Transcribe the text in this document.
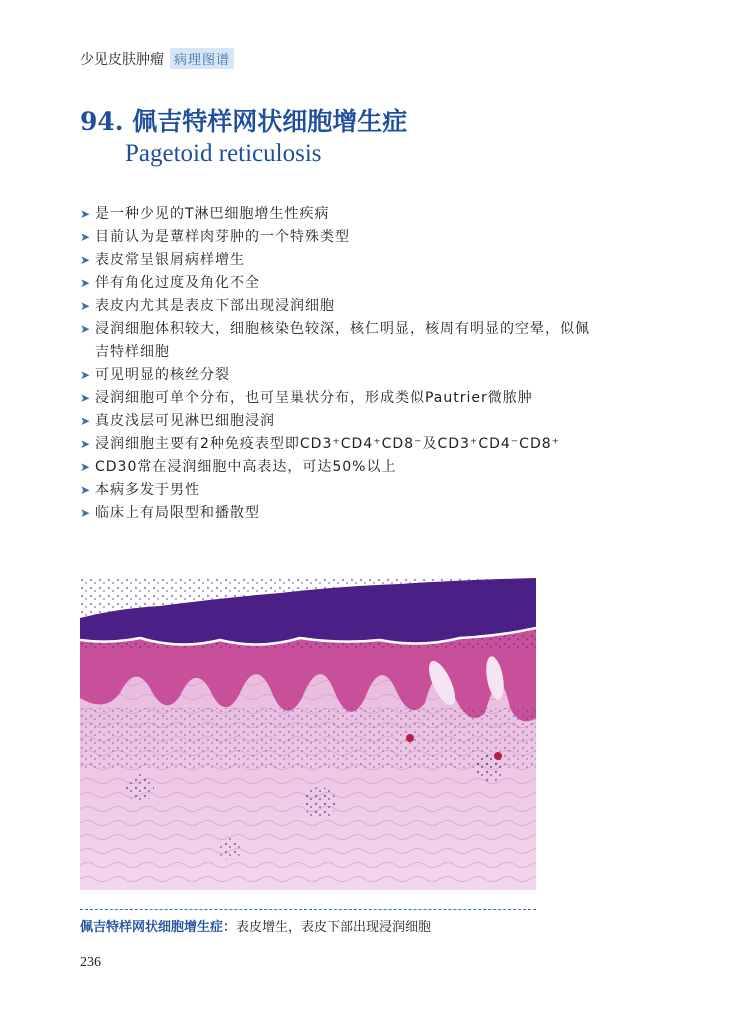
少见皮肤肿瘤 病理图谱
94. 佩吉特样网状细胞增生症
Pagetoid reticulosis
➤ 是一种少见的T淋巴细胞增生性疾病
➤ 目前认为是蕈样肉芽肿的一个特殊类型
➤ 表皮常呈银屑病样增生
➤ 伴有角化过度及角化不全
➤ 表皮内尤其是表皮下部出现浸润细胞
➤ 浸润细胞体积较大，细胞核染色较深，核仁明显，核周有明显的空晕，似佩
吉特样细胞
➤ 可见明显的核丝分裂
➤ 浸润细胞可单个分布，也可呈巢状分布，形成类似Pautrier微脓肿
➤ 真皮浅层可见淋巴细胞浸润
➤ 浸润细胞主要有2种免疫表型即CD3⁺CD4⁺CD8⁻及CD3⁺CD4⁻CD8⁺
➤ CD30常在浸润细胞中高表达，可达50%以上
➤ 本病多发于男性
➤ 临床上有局限型和播散型
佩吉特样网状细胞增生症：表皮增生，表皮下部出现浸润细胞
236
